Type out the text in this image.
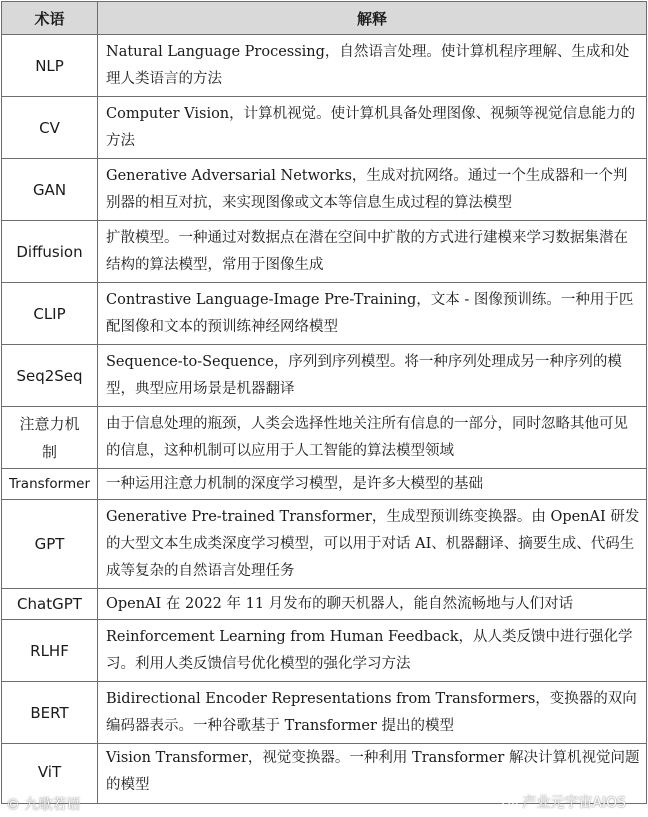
术语	解释
NLP	Natural Language Processing，自然语言处理。使计算机程序理解、生成和处理人类语言的方法
CV	Computer Vision，计算机视觉。使计算机具备处理图像、视频等视觉信息能力的方法
GAN	Generative Adversarial Networks，生成对抗网络。通过一个生成器和一个判别器的相互对抗，来实现图像或文本等信息生成过程的算法模型
Diffusion	扩散模型。一种通过对数据点在潜在空间中扩散的方式进行建模来学习数据集潜在结构的算法模型，常用于图像生成
CLIP	Contrastive Language-Image Pre-Training，文本 - 图像预训练。一种用于匹配图像和文本的预训练神经网络模型
Seq2Seq	Sequence-to-Sequence，序列到序列模型。将一种序列处理成另一种序列的模型，典型应用场景是机器翻译
注意力机制	由于信息处理的瓶颈，人类会选择性地关注所有信息的一部分，同时忽略其他可见的信息，这种机制可以应用于人工智能的算法模型领域
Transformer	一种运用注意力机制的深度学习模型，是许多大模型的基础
GPT	Generative Pre-trained Transformer，生成型预训练变换器。由 OpenAI 研发的大型文本生成类深度学习模型，可以用于对话 AI、机器翻译、摘要生成、代码生成等复杂的自然语言处理任务
ChatGPT	OpenAI 在 2022 年 11 月发布的聊天机器人，能自然流畅地与人们对话
RLHF	Reinforcement Learning from Human Feedback，从人类反馈中进行强化学习。利用人类反馈信号优化模型的强化学习方法
BERT	Bidirectional Encoder Representations from Transformers，变换器的双向编码器表示。一种谷歌基于 Transformer 提出的模型
ViT	Vision Transformer，视觉变换器。一种利用 Transformer 解决计算机视觉问题的模型
© 九歌若语	产业元宇宙AIOS
